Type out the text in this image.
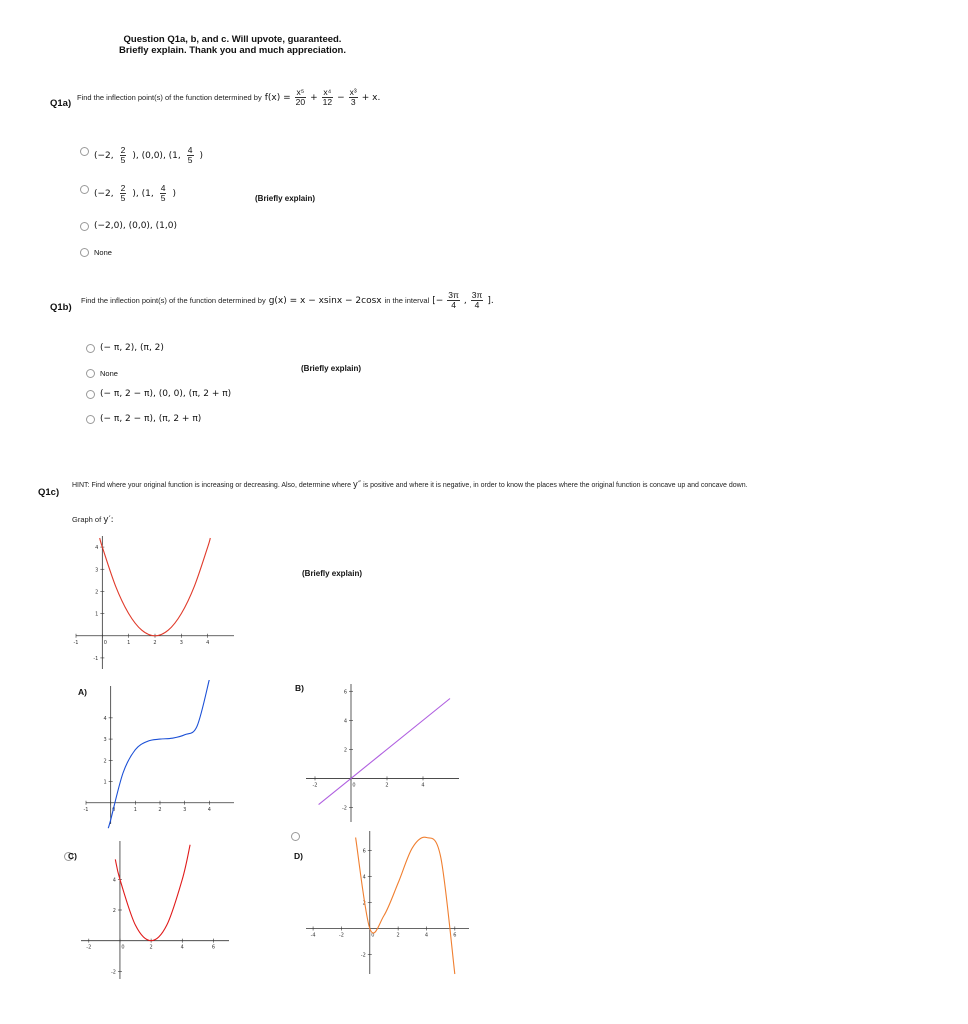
Question Q1a, b, and c. Will upvote, guaranteed.
Briefly explain. Thank you and much appreciation.
Q1a)
Find the inflection point(s) of the function determined by $f(x) = \frac{\text{x⁵}}{20} + \frac{\text{x⁴}}{12} - \frac{\text{x³}}{3} + x$.
(−2, $\frac{2}{5}$ ), (0,0), (1, $\frac{4}{5}$ )
(−2, $\frac{2}{5}$ ), (1, $\frac{4}{5}$ )	(Briefly explain)
(−2,0), (0,0), (1,0)
None
Q1b)
Find the inflection point(s) of the function determined by g(x) = x − xsinx − 2cosx in the interval [− $\frac{3\pi}{4}$ , $\frac{3\pi}{4}$ ].
(− π, 2), (π, 2)
(Briefly explain)
None
(− π, 2 − π), (0, 0), (π, 2 + π)
(− π, 2 − π), (π, 2 + π)
Q1c)
HINT: Find where your original function is increasing or decreasing. Also, determine where y″ is positive and where it is negative, in order to know the places where the original function is concave up and concave down.
Graph of y′:
(Briefly explain)
-1	0	1	2	3	4
-1
1
2
3
4
A)
-1	0	1	2	3	4
1
2
3
4
B)
-2	0	2	4
-2
2
4
6
C)
-2	0	2	4	6
-2
2
4
D)
-4	-2	0	2	4	6
-2
2
4
6
